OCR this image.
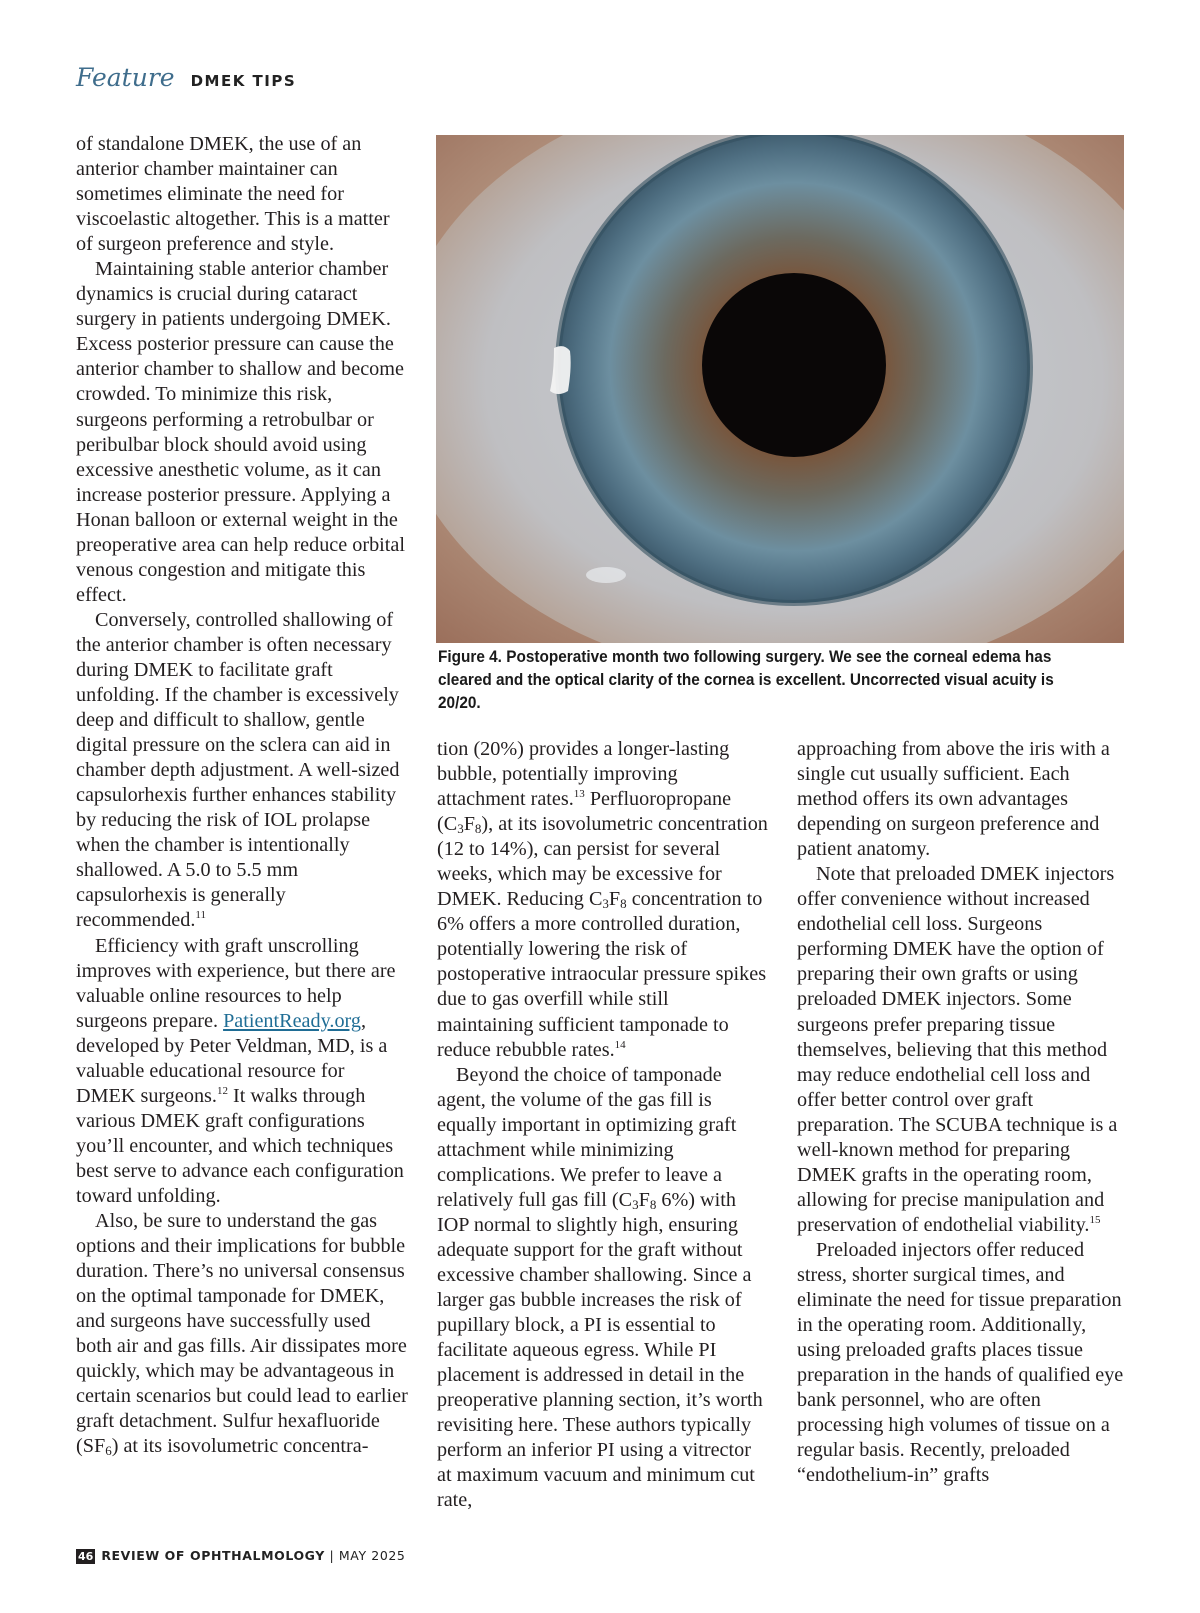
Feature DMEK TIPS

of standalone DMEK, the use of an anterior chamber maintainer can sometimes eliminate the need for viscoelastic altogether. This is a matter of surgeon preference and style.

Maintaining stable anterior chamber dynamics is crucial during cataract surgery in patients undergoing DMEK. Excess posterior pressure can cause the anterior chamber to shallow and become crowded. To minimize this risk, surgeons performing a retrobulbar or peribulbar block should avoid using excessive anesthetic volume, as it can increase posterior pressure. Applying a Honan balloon or external weight in the preoperative area can help reduce orbital venous congestion and mitigate this effect.

Conversely, controlled shallowing of the anterior chamber is often necessary during DMEK to facilitate graft unfolding. If the chamber is excessively deep and difficult to shallow, gentle digital pressure on the sclera can aid in chamber depth adjustment. A well-sized capsulorhexis further enhances stability by reducing the risk of IOL prolapse when the chamber is intentionally shallowed. A 5.0 to 5.5 mm capsulorhexis is generally recommended.$^{11}$

Efficiency with graft unscrolling improves with experience, but there are valuable online resources to help surgeons prepare. PatientReady.org, developed by Peter Veldman, MD, is a valuable educational resource for DMEK surgeons.$^{12}$ It walks through various DMEK graft configurations you’ll encounter, and which techniques best serve to advance each configuration toward unfolding.

Also, be sure to understand the gas options and their implications for bubble duration. There’s no universal consensus on the optimal tamponade for DMEK, and surgeons have successfully used both air and gas fills. Air dissipates more quickly, which may be advantageous in certain scenarios but could lead to earlier graft detachment. Sulfur hexafluoride $(SF_6)$ at its isovolumetric concentra-

Figure 4. Postoperative month two following surgery. We see the corneal edema has cleared and the optical clarity of the cornea is excellent. Uncorrected visual acuity is 20/20.

tion (20%) provides a longer-lasting bubble, potentially improving attachment rates.$^{13}$ Perfluoropropane $(C_3F_8)$, at its isovolumetric concentration (12 to 14%), can persist for several weeks, which may be excessive for DMEK. Reducing $C_3F_8$ concentration to 6% offers a more controlled duration, potentially lowering the risk of postoperative intraocular pressure spikes due to gas overfill while still maintaining sufficient tamponade to reduce rebubble rates.$^{14}$

Beyond the choice of tamponade agent, the volume of the gas fill is equally important in optimizing graft attachment while minimizing complications. We prefer to leave a relatively full gas fill ($C_3F_8$ 6%) with IOP normal to slightly high, ensuring adequate support for the graft without excessive chamber shallowing. Since a larger gas bubble increases the risk of pupillary block, a PI is essential to facilitate aqueous egress. While PI placement is addressed in detail in the preoperative planning section, it’s worth revisiting here. These authors typically perform an inferior PI using a vitrector at maximum vacuum and minimum cut rate,

approaching from above the iris with a single cut usually sufficient. Each method offers its own advantages depending on surgeon preference and patient anatomy.

Note that preloaded DMEK injectors offer convenience without increased endothelial cell loss. Surgeons performing DMEK have the option of preparing their own grafts or using preloaded DMEK injectors. Some surgeons prefer preparing tissue themselves, believing that this method may reduce endothelial cell loss and offer better control over graft preparation. The SCUBA technique is a well-known method for preparing DMEK grafts in the operating room, allowing for precise manipulation and preservation of endothelial viability.$^{15}$

Preloaded injectors offer reduced stress, shorter surgical times, and eliminate the need for tissue preparation in the operating room. Additionally, using preloaded grafts places tissue preparation in the hands of qualified eye bank personnel, who are often processing high volumes of tissue on a regular basis. Recently, preloaded “endothelium-in” grafts

46 REVIEW OF OPHTHALMOLOGY | MAY 2025
